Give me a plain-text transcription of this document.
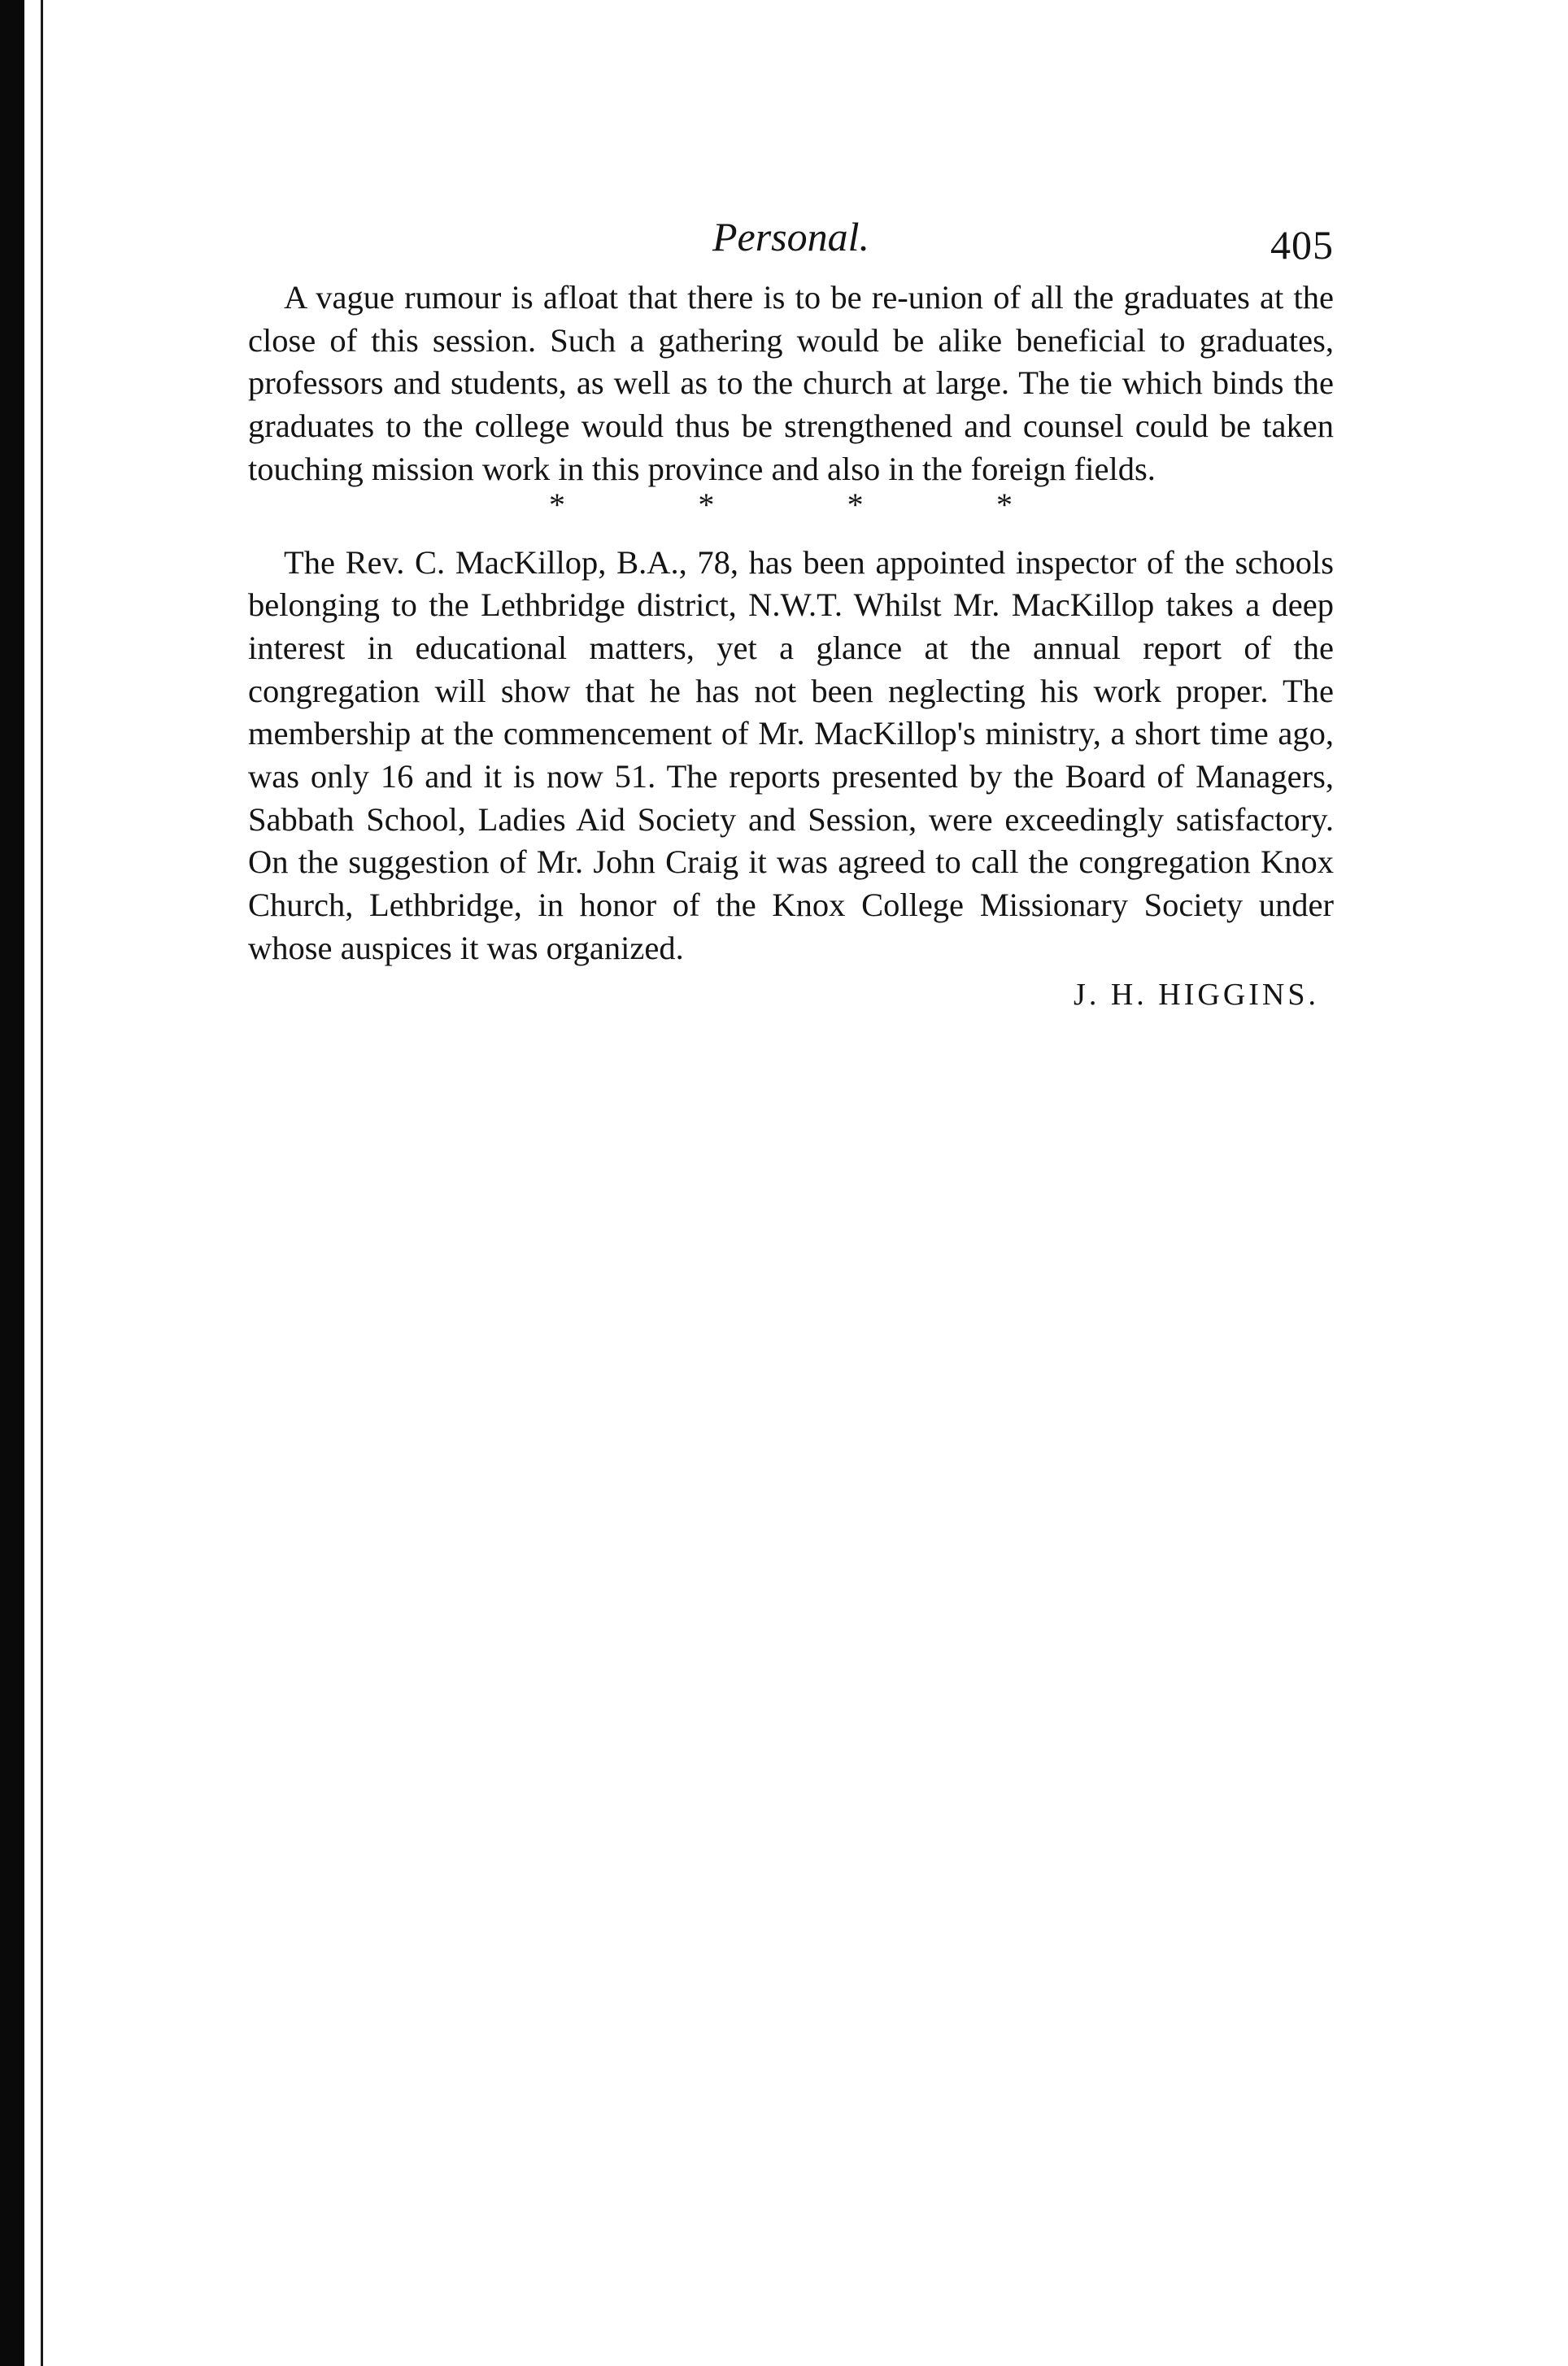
Personal.	405

A vague rumour is afloat that there is to be re-union of all the graduates at the close of this session. Such a gathering would be alike beneficial to graduates, professors and students, as well as to the church at large. The tie which binds the graduates to the college would thus be strengthened and counsel could be taken touching mission work in this province and also in the foreign fields.

*	*	*	*

The Rev. C. MacKillop, B.A., 78, has been appointed inspector of the schools belonging to the Lethbridge district, N.W.T. Whilst Mr. MacKillop takes a deep interest in educational matters, yet a glance at the annual report of the congregation will show that he has not been neglecting his work proper. The membership at the commencement of Mr. MacKillop's ministry, a short time ago, was only 16 and it is now 51. The reports presented by the Board of Managers, Sabbath School, Ladies Aid Society and Session, were exceedingly satisfactory. On the suggestion of Mr. John Craig it was agreed to call the congregation Knox Church, Lethbridge, in honor of the Knox College Missionary Society under whose auspices it was organized.

J. H. HIGGINS.
